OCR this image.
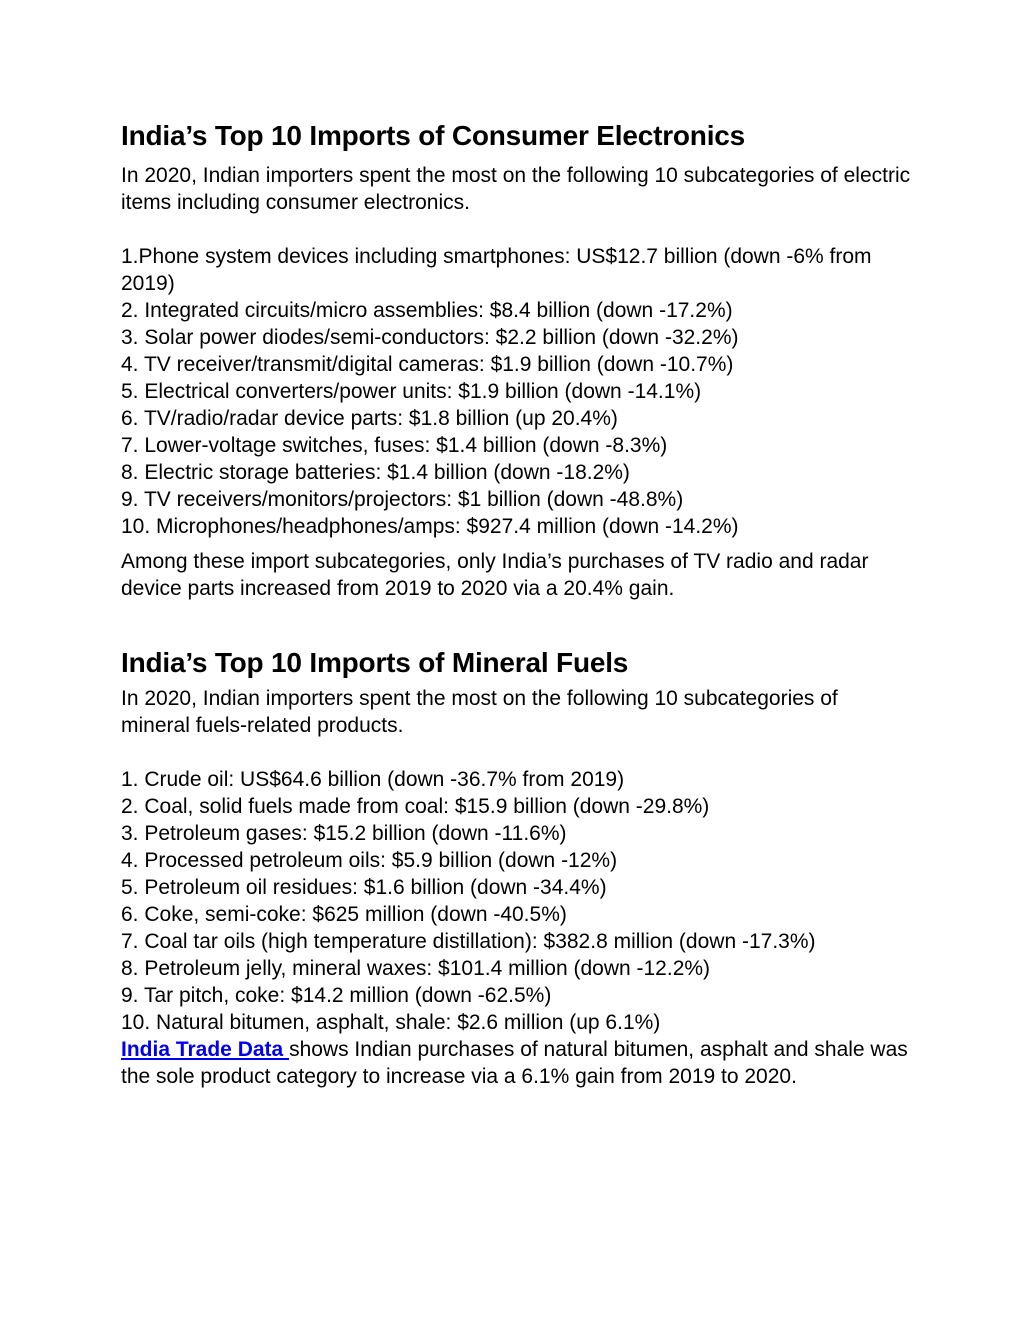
India’s Top 10 Imports of Consumer Electronics

In 2020, Indian importers spent the most on the following 10 subcategories of electric items including consumer electronics.

1.Phone system devices including smartphones: US$12.7 billion (down -6% from 2019)
2. Integrated circuits/micro assemblies: $8.4 billion (down -17.2%)
3. Solar power diodes/semi-conductors: $2.2 billion (down -32.2%)
4. TV receiver/transmit/digital cameras: $1.9 billion (down -10.7%)
5. Electrical converters/power units: $1.9 billion (down -14.1%)
6. TV/radio/radar device parts: $1.8 billion (up 20.4%)
7. Lower-voltage switches, fuses: $1.4 billion (down -8.3%)
8. Electric storage batteries: $1.4 billion (down -18.2%)
9. TV receivers/monitors/projectors: $1 billion (down -48.8%)
10. Microphones/headphones/amps: $927.4 million (down -14.2%)

Among these import subcategories, only India’s purchases of TV radio and radar device parts increased from 2019 to 2020 via a 20.4% gain.

India’s Top 10 Imports of Mineral Fuels

In 2020, Indian importers spent the most on the following 10 subcategories of mineral fuels-related products.

1. Crude oil: US$64.6 billion (down -36.7% from 2019)
2. Coal, solid fuels made from coal: $15.9 billion (down -29.8%)
3. Petroleum gases: $15.2 billion (down -11.6%)
4. Processed petroleum oils: $5.9 billion (down -12%)
5. Petroleum oil residues: $1.6 billion (down -34.4%)
6. Coke, semi-coke: $625 million (down -40.5%)
7. Coal tar oils (high temperature distillation): $382.8 million (down -17.3%)
8. Petroleum jelly, mineral waxes: $101.4 million (down -12.2%)
9. Tar pitch, coke: $14.2 million (down -62.5%)
10. Natural bitumen, asphalt, shale: $2.6 million (up 6.1%)

India Trade Data shows Indian purchases of natural bitumen, asphalt and shale was the sole product category to increase via a 6.1% gain from 2019 to 2020.
